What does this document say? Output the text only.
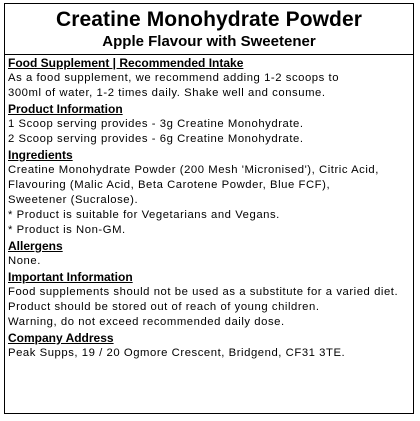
Creatine Monohydrate Powder
Apple Flavour with Sweetener
Food Supplement | Recommended Intake
As a food supplement, we recommend adding 1-2 scoops to
300ml of water, 1-2 times daily. Shake well and consume.
Product Information
1 Scoop serving provides - 3g Creatine Monohydrate.
2 Scoop serving provides - 6g Creatine Monohydrate.
Ingredients
Creatine Monohydrate Powder (200 Mesh 'Micronised'), Citric Acid,
Flavouring (Malic Acid, Beta Carotene Powder, Blue FCF),
Sweetener (Sucralose).
* Product is suitable for Vegetarians and Vegans.
* Product is Non-GM.
Allergens
None.
Important Information
Food supplements should not be used as a substitute for a varied diet.
Product should be stored out of reach of young children.
Warning, do not exceed recommended daily dose.
Company Address
Peak Supps, 19 / 20 Ogmore Crescent, Bridgend, CF31 3TE.
